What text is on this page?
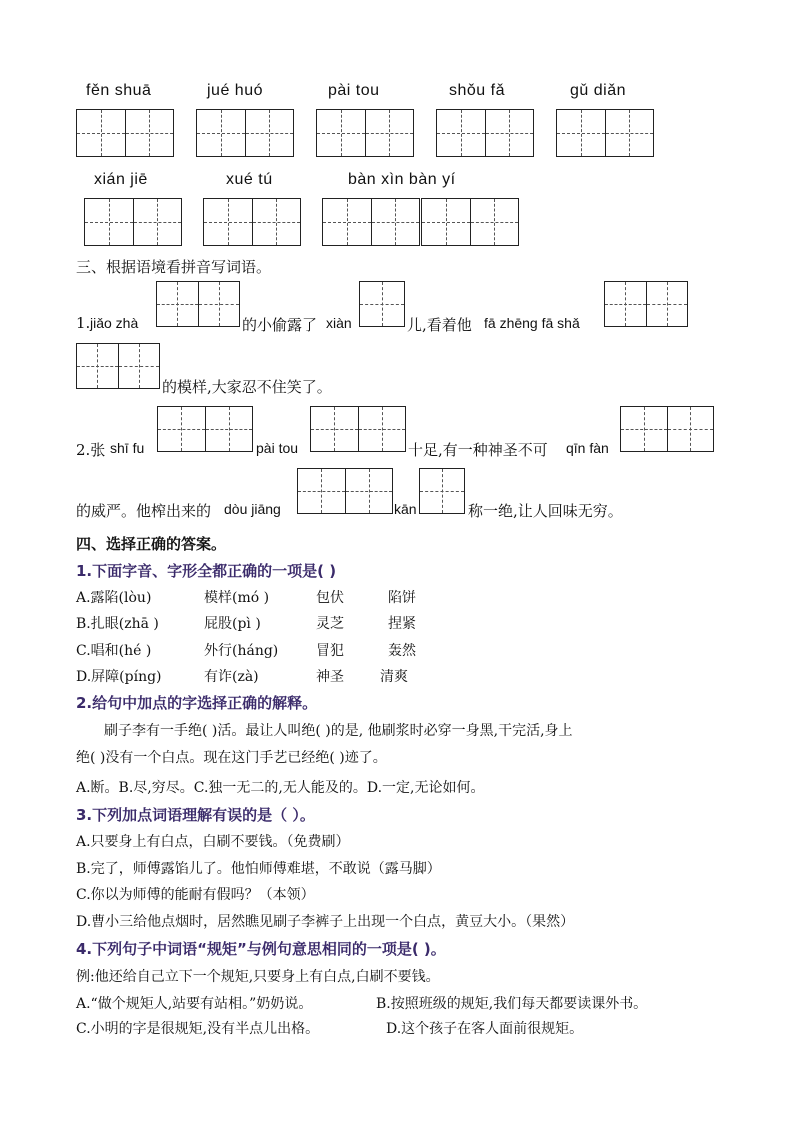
fěn shuā	jué huó	pài tou	shǒu fǎ	gǔ diǎn
xián jiē	xué tú	bàn xìn bàn yí
三、根据语境看拼音写词语。
1. jiǎo zhà	的小偷露了 xiàn	儿,看着他 fā zhēng fā shǎ
的模样,大家忍不住笑了。
2.张 shī fu	pài tou	十足,有一种神圣不可 qīn fàn
的威严。他榨出来的 dòu jiāng	kān	称一绝,让人回味无穷。
四、选择正确的答案。
1.下面字音、字形全都正确的一项是( )
A.露陷(lòu)	模样(mó )	包伏	陷饼
B.扎眼(zhā )	屁股(pì )	灵芝	捏紧
C.唱和(hé )	外行(háng)	冒犯	轰然
D.屏障(píng)	有诈(zà)	神圣	清爽
2.给句中加点的字选择正确的解释。
刷子李有一手绝( )活。最让人叫绝( )的是, 他刷浆时必穿一身黑,干完活,身上
绝( )没有一个白点。现在这门手艺已经绝( )迹了。
A.断。B.尽,穷尽。C.独一无二的,无人能及的。D.一定,无论如何。
3.下列加点词语理解有误的是（ ）。
A.只要身上有白点，白刷不要钱。（免费刷）
B.完了，师傅露馅儿了。他怕师傅难堪，不敢说（露马脚）
C.你以为师傅的能耐有假吗？（本领）
D.曹小三给他点烟时，居然瞧见刷子李裤子上出现一个白点，黄豆大小。（果然）
4.下列句子中词语“规矩”与例句意思相同的一项是( )。
例:他还给自己立下一个规矩,只要身上有白点,白刷不要钱。
A.“做个规矩人,站要有站相。”奶奶说。	B.按照班级的规矩,我们每天都要读课外书。
C.小明的字是很规矩,没有半点儿出格。	D.这个孩子在客人面前很规矩。
